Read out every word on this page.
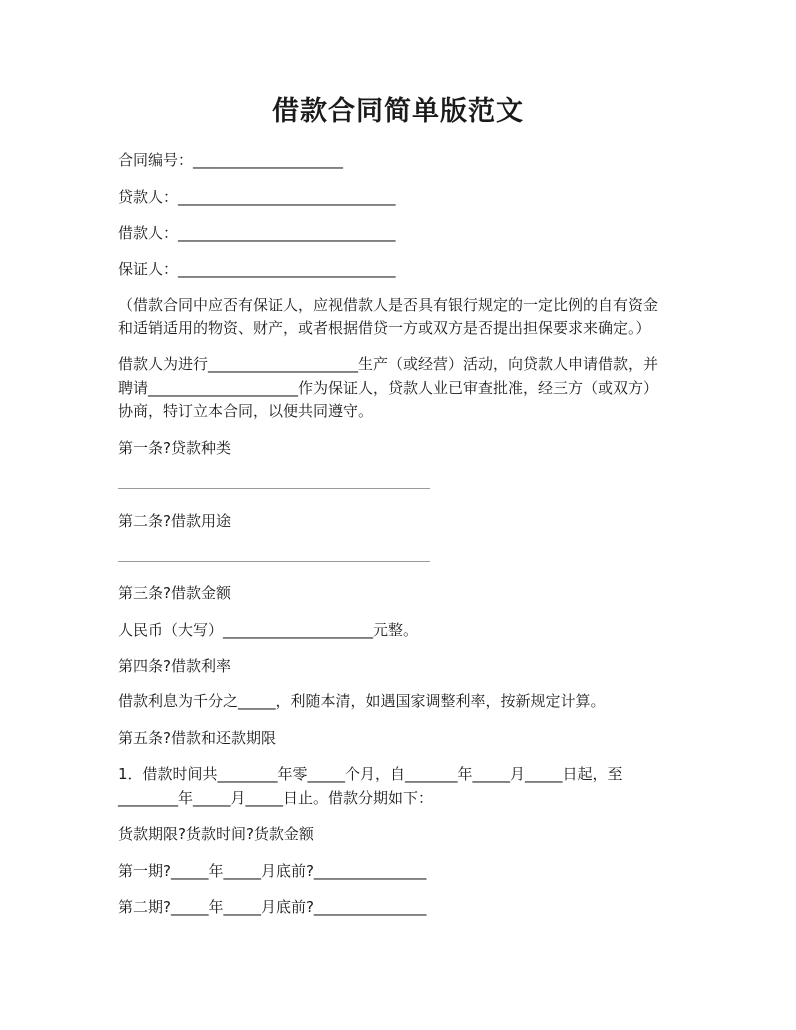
借款合同简单版范文
合同编号：____________________
贷款人：_____________________________
借款人：_____________________________
保证人：_____________________________
（借款合同中应否有保证人，应视借款人是否具有银行规定的一定比例的自有资金
和适销适用的物资、财产，或者根据借贷一方或双方是否提出担保要求来确定。）
借款人为进行____________________生产（或经营）活动，向贷款人申请借款，并
聘请____________________作为保证人，贷款人业已审查批准，经三方（或双方）
协商，特订立本合同，以便共同遵守。
第一条?贷款种类
第二条?借款用途
第三条?借款金额
人民币（大写）____________________元整。
第四条?借款利率
借款利息为千分之_____，利随本清，如遇国家调整利率，按新规定计算。
第五条?借款和还款期限
1．借款时间共________年零_____个月，自_______年_____月_____日起，至
________年_____月_____日止。借款分期如下：
货款期限?货款时间?货款金额
第一期?_____年_____月底前?_______________
第二期?_____年_____月底前?_______________
